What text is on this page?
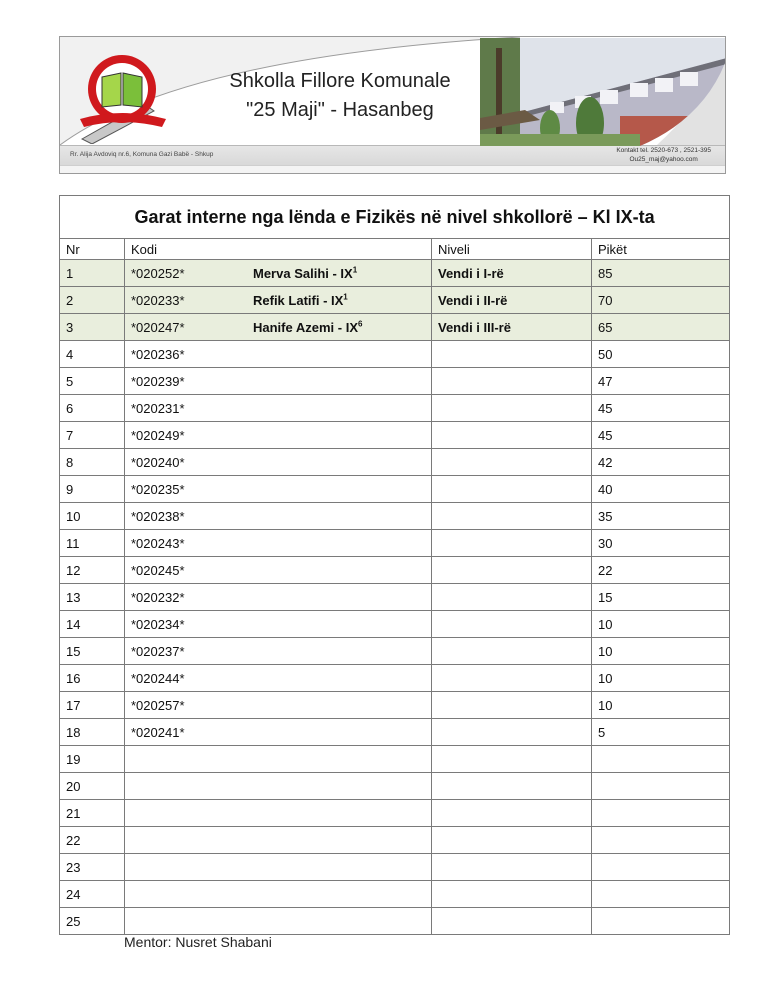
Shkolla Fillore Komunale
"25 Maji" - Hasanbeg
Rr. Alija Avdoviq nr.6, Komuna Gazi Babë - Shkup
Kontakt tel. 2520-673 , 2521-395
Ou25_maj@yahoo.com
Garat interne nga lënda e Fizikës në nivel shkollorë – Kl IX-ta			
Nr	Kodi	Niveli	Pikët
1	*020252* Merva Salihi - $IX^1$	Vendi i I-rë	85
2	*020233* Refik Latifi - $IX^1$	Vendi i II-rë	70
3	*020247* Hanife Azemi - $IX^6$	Vendi i III-rë	65
4	*020236*		50
5	*020239*		47
6	*020231*		45
7	*020249*		45
8	*020240*		42
9	*020235*		40
10	*020238*		35
11	*020243*		30
12	*020245*		22
13	*020232*		15
14	*020234*		10
15	*020237*		10
16	*020244*		10
17	*020257*		10
18	*020241*		5
19			
20			
21			
22			
23			
24			
25			
Mentor: Nusret Shabani
